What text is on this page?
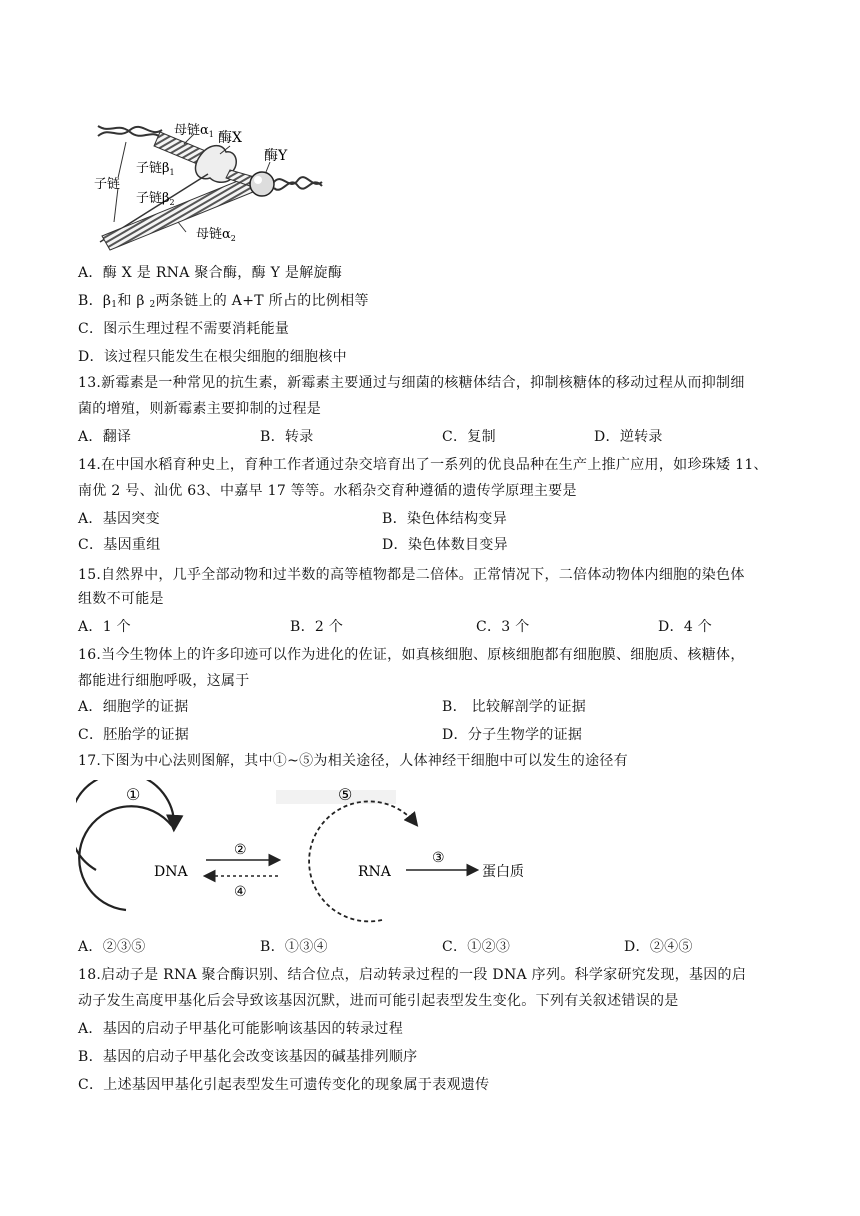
母链$\alpha_1$ 酶X
酶Y
子链$\beta_1$
子链
子链$\beta_2$
母链$\alpha_2$
A．酶 X 是 RNA 聚合酶，酶 Y 是解旋酶
B．$\beta_1$和 β $_2$两条链上的 A+T 所占的比例相等
C．图示生理过程不需要消耗能量
D．该过程只能发生在根尖细胞的细胞核中
13.新霉素是一种常见的抗生素，新霉素主要通过与细菌的核糖体结合，抑制核糖体的移动过程从而抑制细
菌的增殖，则新霉素主要抑制的过程是
A．翻译	B．转录	C．复制	D．逆转录
14.在中国水稻育种史上，育种工作者通过杂交培育出了一系列的优良品种在生产上推广应用，如珍珠矮 11、
南优 2 号、汕优 63、中嘉早 17 等等。水稻杂交育种遵循的遗传学原理主要是
A．基因突变	B．染色体结构变异
C．基因重组	D．染色体数目变异
15.自然界中，几乎全部动物和过半数的高等植物都是二倍体。正常情况下，二倍体动物体内细胞的染色体
组数不可能是
A．1 个	B．2 个	C．3 个	D．4 个
16.当今生物体上的许多印迹可以作为进化的佐证，如真核细胞、原核细胞都有细胞膜、细胞质、核糖体，
都能进行细胞呼吸，这属于
A．细胞学的证据	B． 比较解剖学的证据
C．胚胎学的证据	D．分子生物学的证据
17.下图为中心法则图解，其中①~⑤为相关途径，人体神经干细胞中可以发生的途径有
①
DNA
②
④
⑤
RNA
③
蛋白质
A．②③⑤	B．①③④	C．①②③	D．②④⑤
18.启动子是 RNA 聚合酶识别、结合位点，启动转录过程的一段 DNA 序列。科学家研究发现，基因的启
动子发生高度甲基化后会导致该基因沉默，进而可能引起表型发生变化。下列有关叙述错误的是
A．基因的启动子甲基化可能影响该基因的转录过程
B．基因的启动子甲基化会改变该基因的碱基排列顺序
C．上述基因甲基化引起表型发生可遗传变化的现象属于表观遗传
